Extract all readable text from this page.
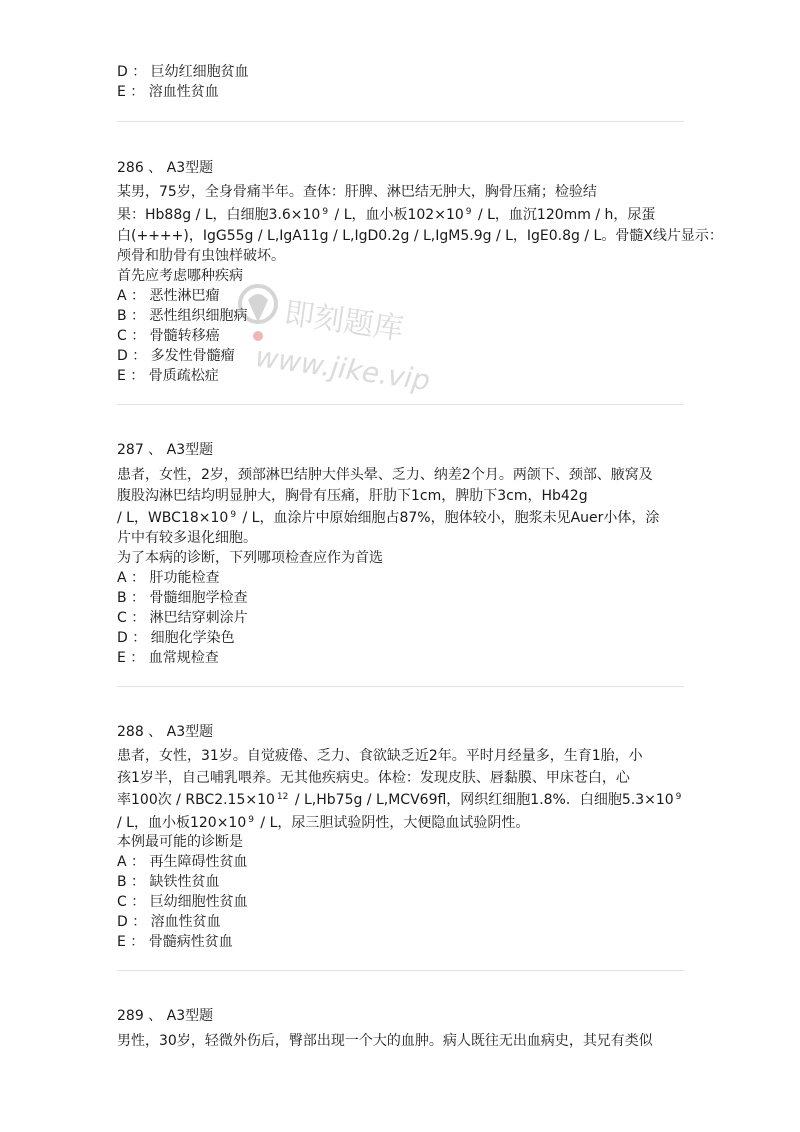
D ： 巨幼红细胞贫血
E ： 溶血性贫血
286 、 A3型题
某男，75岁，全身骨痛半年。查体：肝脾、淋巴结无肿大，胸骨压痛；检验结
果：Hb88g / L，白细胞3.6×10 $^9$ / L，血小板102×10 $^9$ / L，血沉120mm / h，尿蛋
白(++++)，IgG55g / L,IgA11g / L,IgD0.2g / L,IgM5.9g / L，IgE0.8g / L。骨髓X线片显示：
颅骨和肋骨有虫蚀样破坏。
首先应考虑哪种疾病
A ： 恶性淋巴瘤
B ： 恶性组织细胞病
C ： 骨髓转移癌
D ： 多发性骨髓瘤
E ： 骨质疏松症
287 、 A3型题
患者，女性，2岁，颈部淋巴结肿大伴头晕、乏力、纳差2个月。两颌下、颈部、腋窝及
腹股沟淋巴结均明显肿大，胸骨有压痛，肝肋下1cm，脾肋下3cm，Hb42g
/ L，WBC18×10 $^9$ / L，血涂片中原始细胞占87%，胞体较小，胞浆未见Auer小体，涂
片中有较多退化细胞。
为了本病的诊断，下列哪项检查应作为首选
A ： 肝功能检查
B ： 骨髓细胞学检查
C ： 淋巴结穿刺涂片
D ： 细胞化学染色
E ： 血常规检查
288 、 A3型题
患者，女性，31岁。自觉疲倦、乏力、食欲缺乏近2年。平时月经量多，生育1胎，小
孩1岁半，自己哺乳喂养。无其他疾病史。体检：发现皮肤、唇黏膜、甲床苍白，心
率100次 / RBC2.15×10 $^{12}$ / L,Hb75g / L,MCV69fl，网织红细胞1.8%．白细胞5.3×10 $^9$
/ L，血小板120×10 $^9$ / L，尿三胆试验阴性，大便隐血试验阴性。
本例最可能的诊断是
A ： 再生障碍性贫血
B ： 缺铁性贫血
C ： 巨幼细胞性贫血
D ： 溶血性贫血
E ： 骨髓病性贫血
289 、 A3型题
男性，30岁，轻微外伤后，臀部出现一个大的血肿。病人既往无出血病史，其兄有类似
即刻题库
www.jike.vip
